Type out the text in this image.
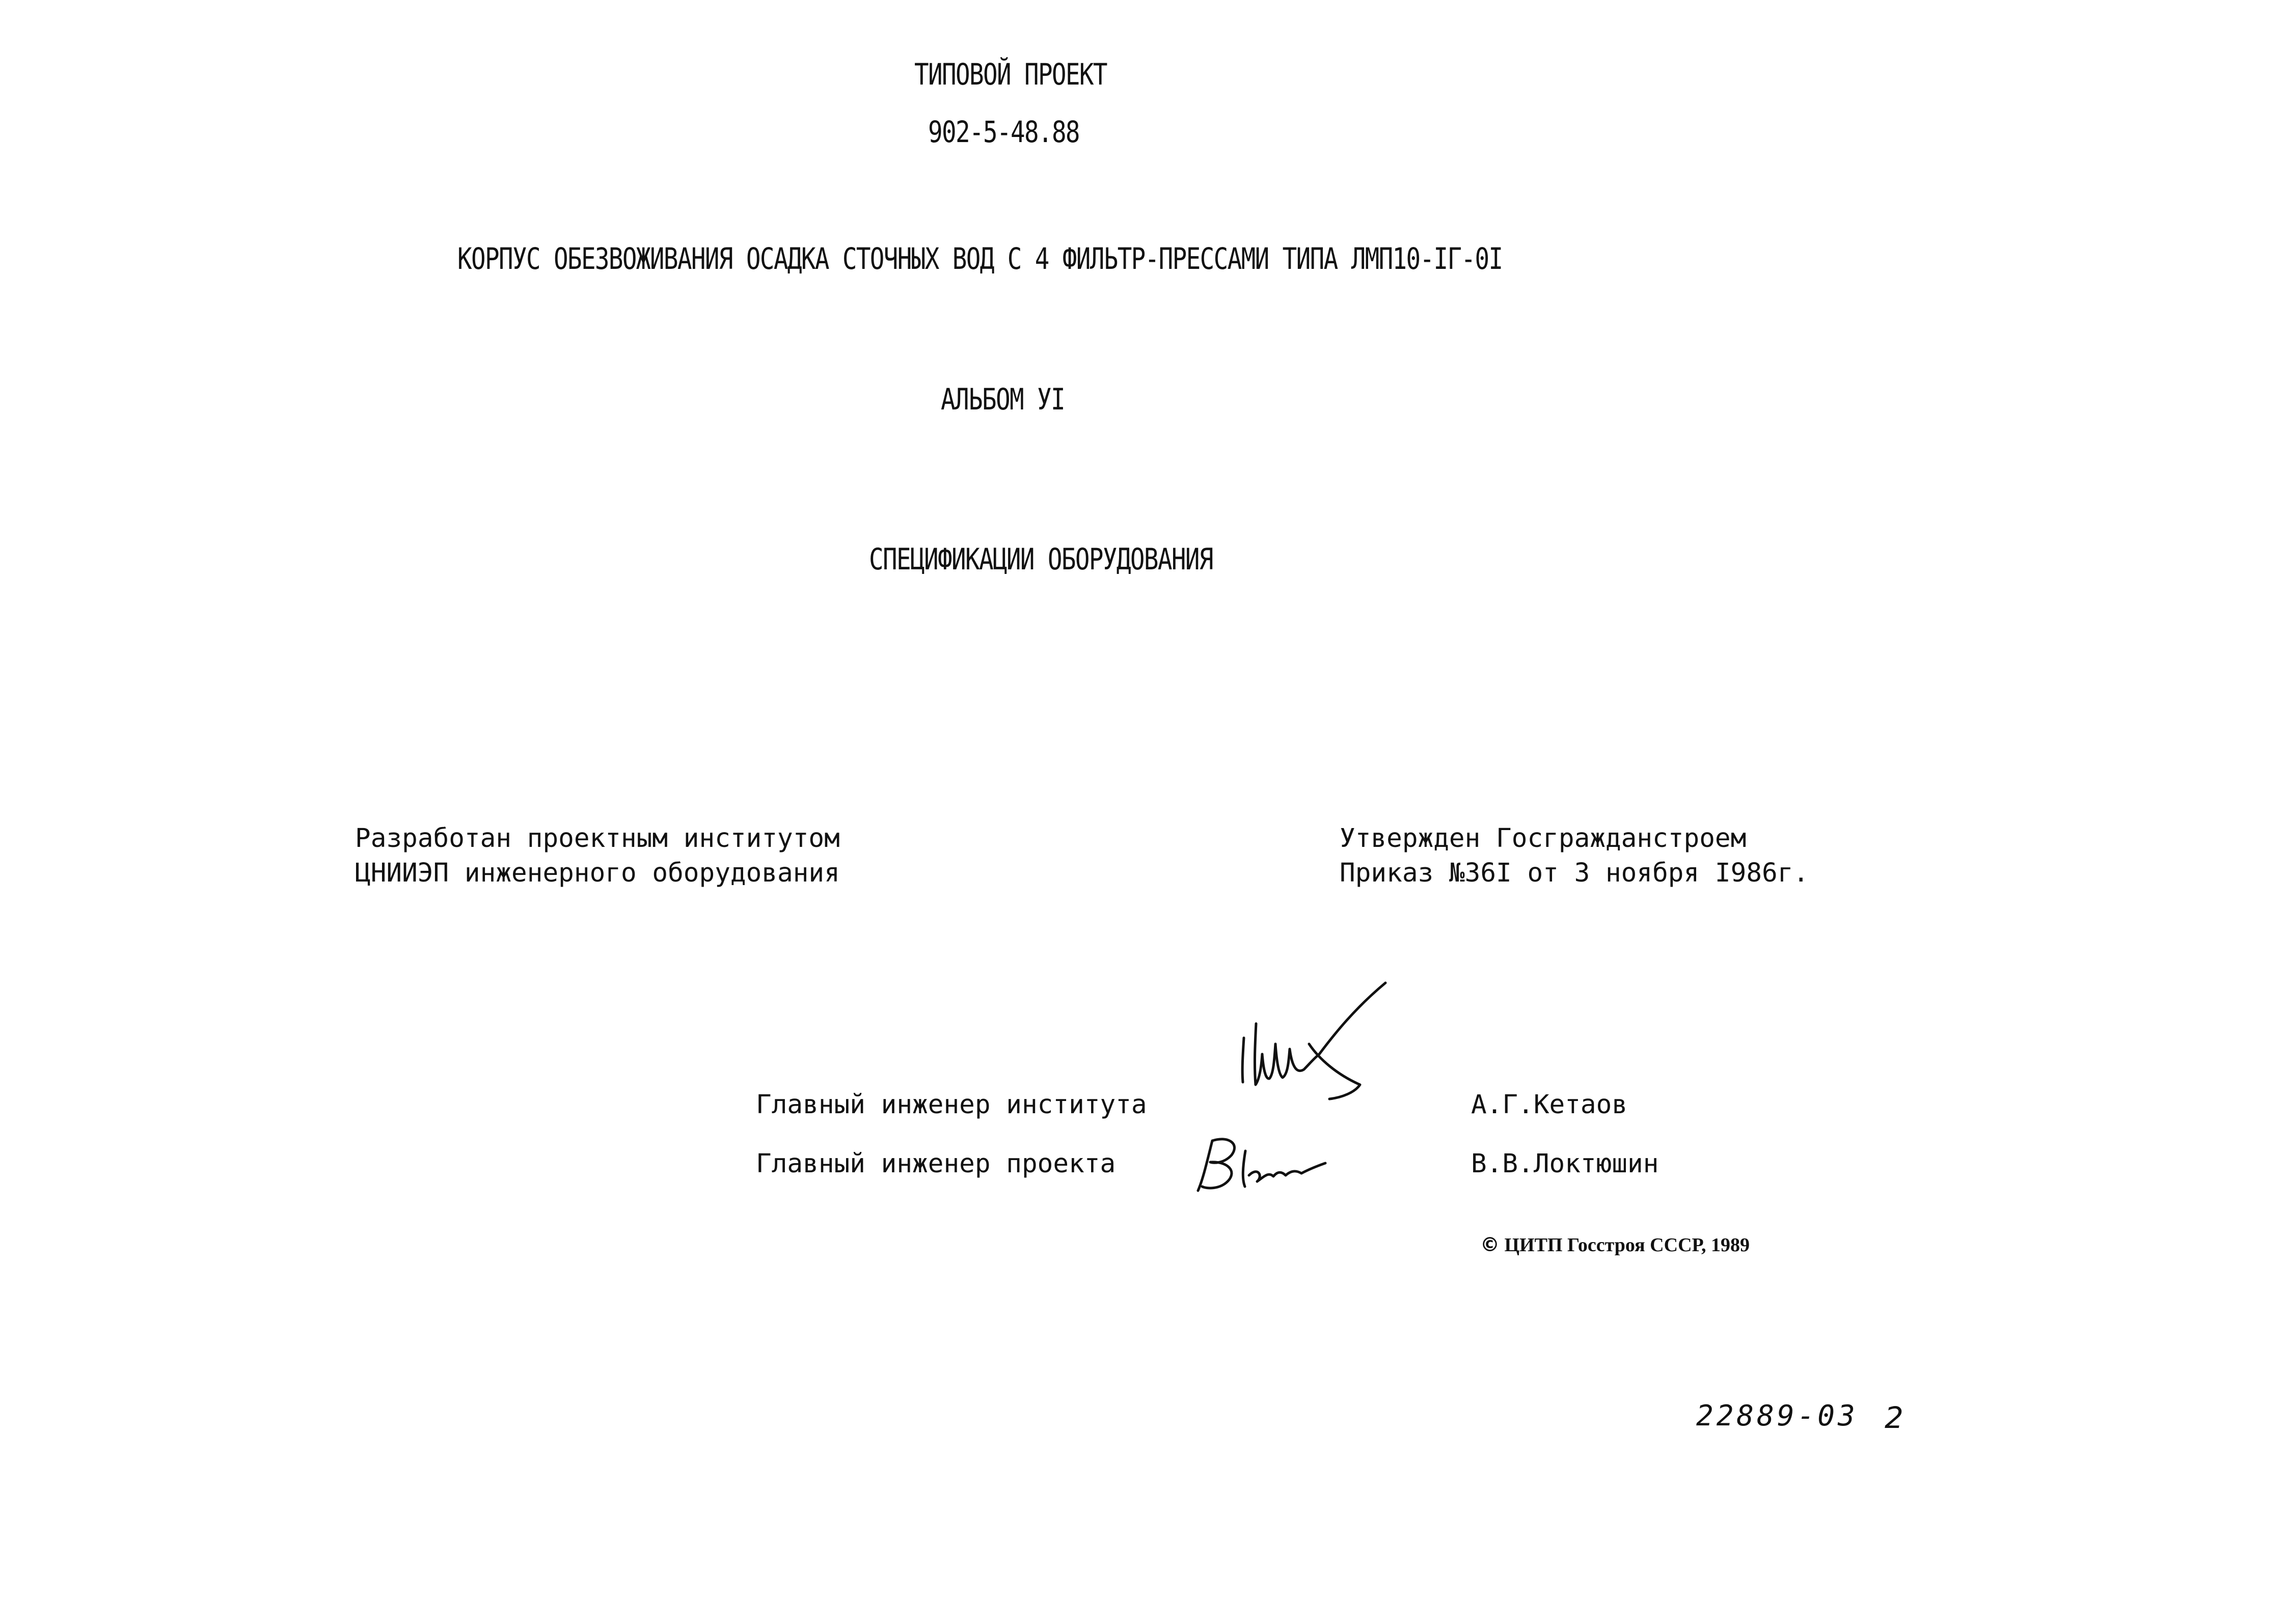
ТИПОВОЙ ПРОЕКТ
902-5-48.88
КОРПУС ОБЕЗВОЖИВАНИЯ ОСАДКА СТОЧНЫХ ВОД С 4 ФИЛЬТР-ПРЕССАМИ ТИПА ЛМП10-IГ-0I
АЛЬБОМ УI
СПЕЦИФИКАЦИИ ОБОРУДОВАНИЯ
Разработан проектным институтом
ЦНИИЭП инженерного оборудования
Утвержден Госгражданстроем
Приказ №36I от 3 ноября I986г.
Главный инженер института	А.Г.Кетаов
Главный инженер проекта	В.В.Локтюшин
© ЦИТП Госстроя СССР, 1989
22889-03 2
